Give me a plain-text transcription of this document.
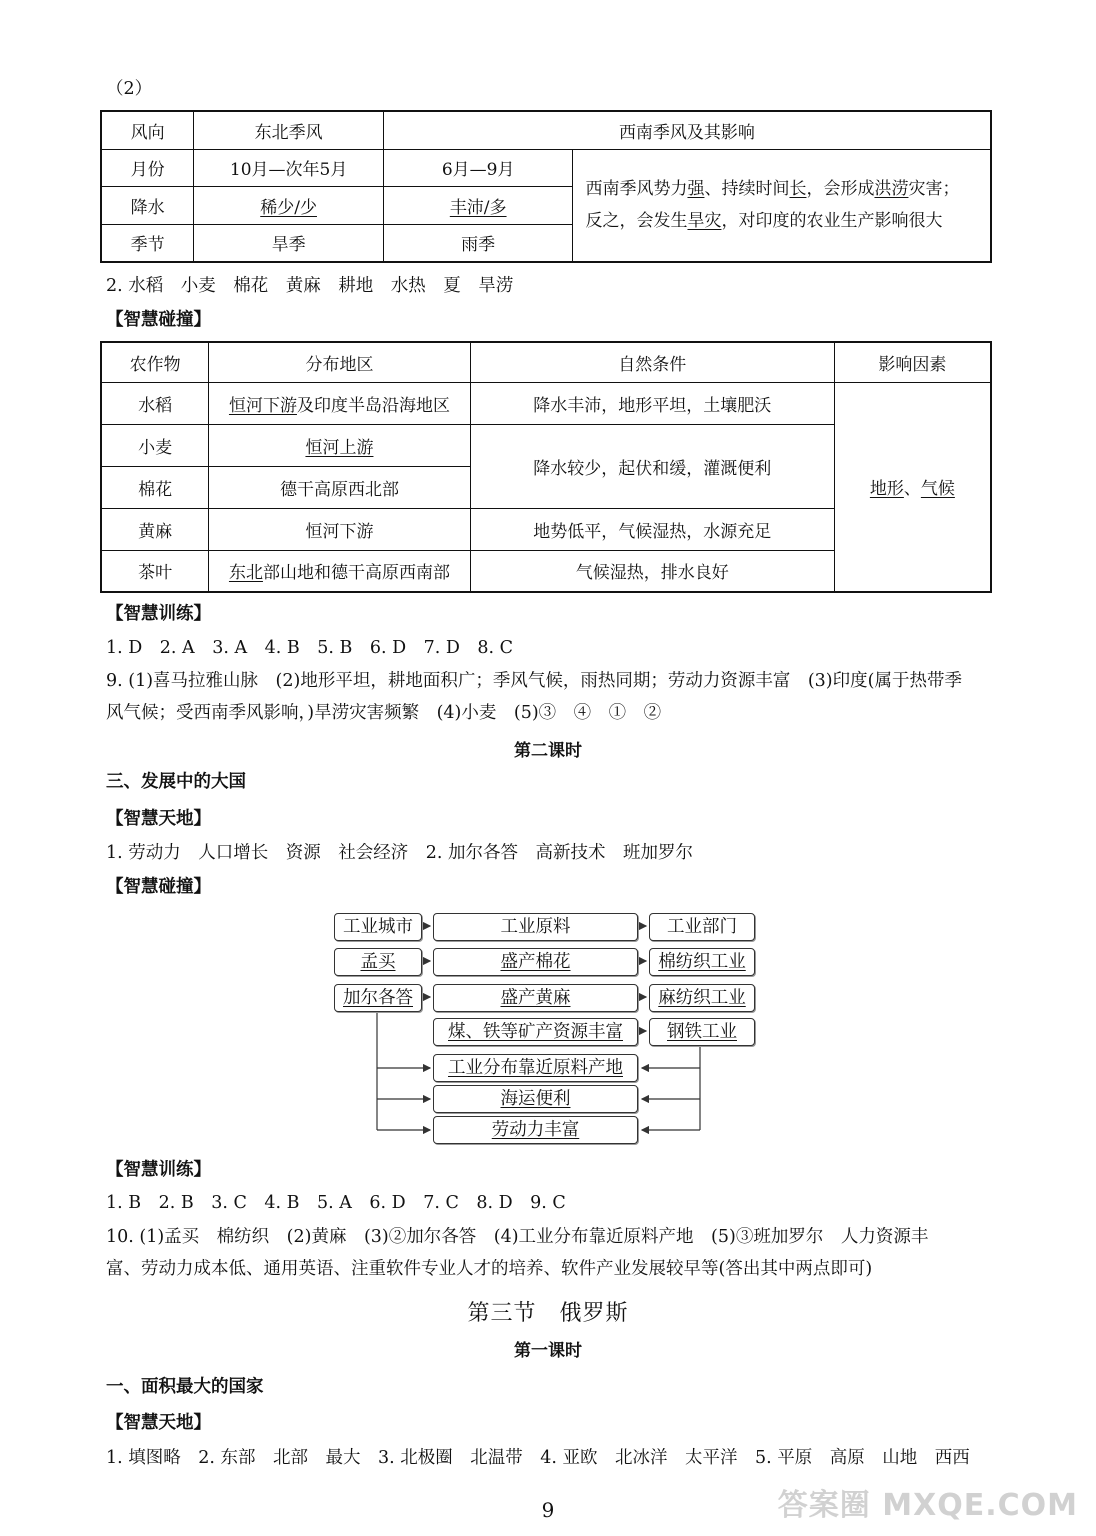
（2）
风向	东北季风	西南季风及其影响	
月份	10月—次年5月	6月—9月	西南季风势力强、持续时间长，会形成洪涝灾害；
反之，会发生旱灾，对印度的农业生产影响很大
降水	稀少/少	丰沛/多	
季节	旱季	雨季	
2. 水稻　小麦　棉花　黄麻　耕地　水热　夏　旱涝
【智慧碰撞】
农作物	分布地区	自然条件	影响因素
水稻	恒河下游及印度半岛沿海地区	降水丰沛，地形平坦，土壤肥沃	地形、气候
小麦	恒河上游	降水较少，起伏和缓，灌溉便利	
棉花	德干高原西北部		
黄麻	恒河下游	地势低平，气候湿热，水源充足	
茶叶	东北部山地和德干高原西南部	气候湿热，排水良好	
【智慧训练】
1. D　2. A　3. A　4. B　5. B　6. D　7. D　8. C
9. (1)喜马拉雅山脉　(2)地形平坦，耕地面积广；季风气候，雨热同期；劳动力资源丰富　(3)印度(属于热带季
风气候；受西南季风影响，)旱涝灾害频繁　(4)小麦　(5)③　④　①　②
第二课时
三、发展中的大国
【智慧天地】
1. 劳动力　人口增长　资源　社会经济　2. 加尔各答　高新技术　班加罗尔
【智慧碰撞】
工业城市	工业原料	工业部门
孟买	盛产棉花	棉纺织工业
加尔各答	盛产黄麻	麻纺织工业
煤、铁等矿产资源丰富	钢铁工业
工业分布靠近原料产地
海运便利
劳动力丰富
【智慧训练】
1. B　2. B　3. C　4. B　5. A　6. D　7. C　8. D　9. C
10. (1)孟买　棉纺织　(2)黄麻　(3)②加尔各答　(4)工业分布靠近原料产地　(5)③班加罗尔　人力资源丰
富、劳动力成本低、通用英语、注重软件专业人才的培养、软件产业发展较早等(答出其中两点即可)
第三节　俄罗斯
第一课时
一、面积最大的国家
【智慧天地】
1. 填图略　2. 东部　北部　最大　3. 北极圈　北温带　4. 亚欧　北冰洋　太平洋　5. 平原　高原　山地　西西
9	答案圈 MXQE.COM
